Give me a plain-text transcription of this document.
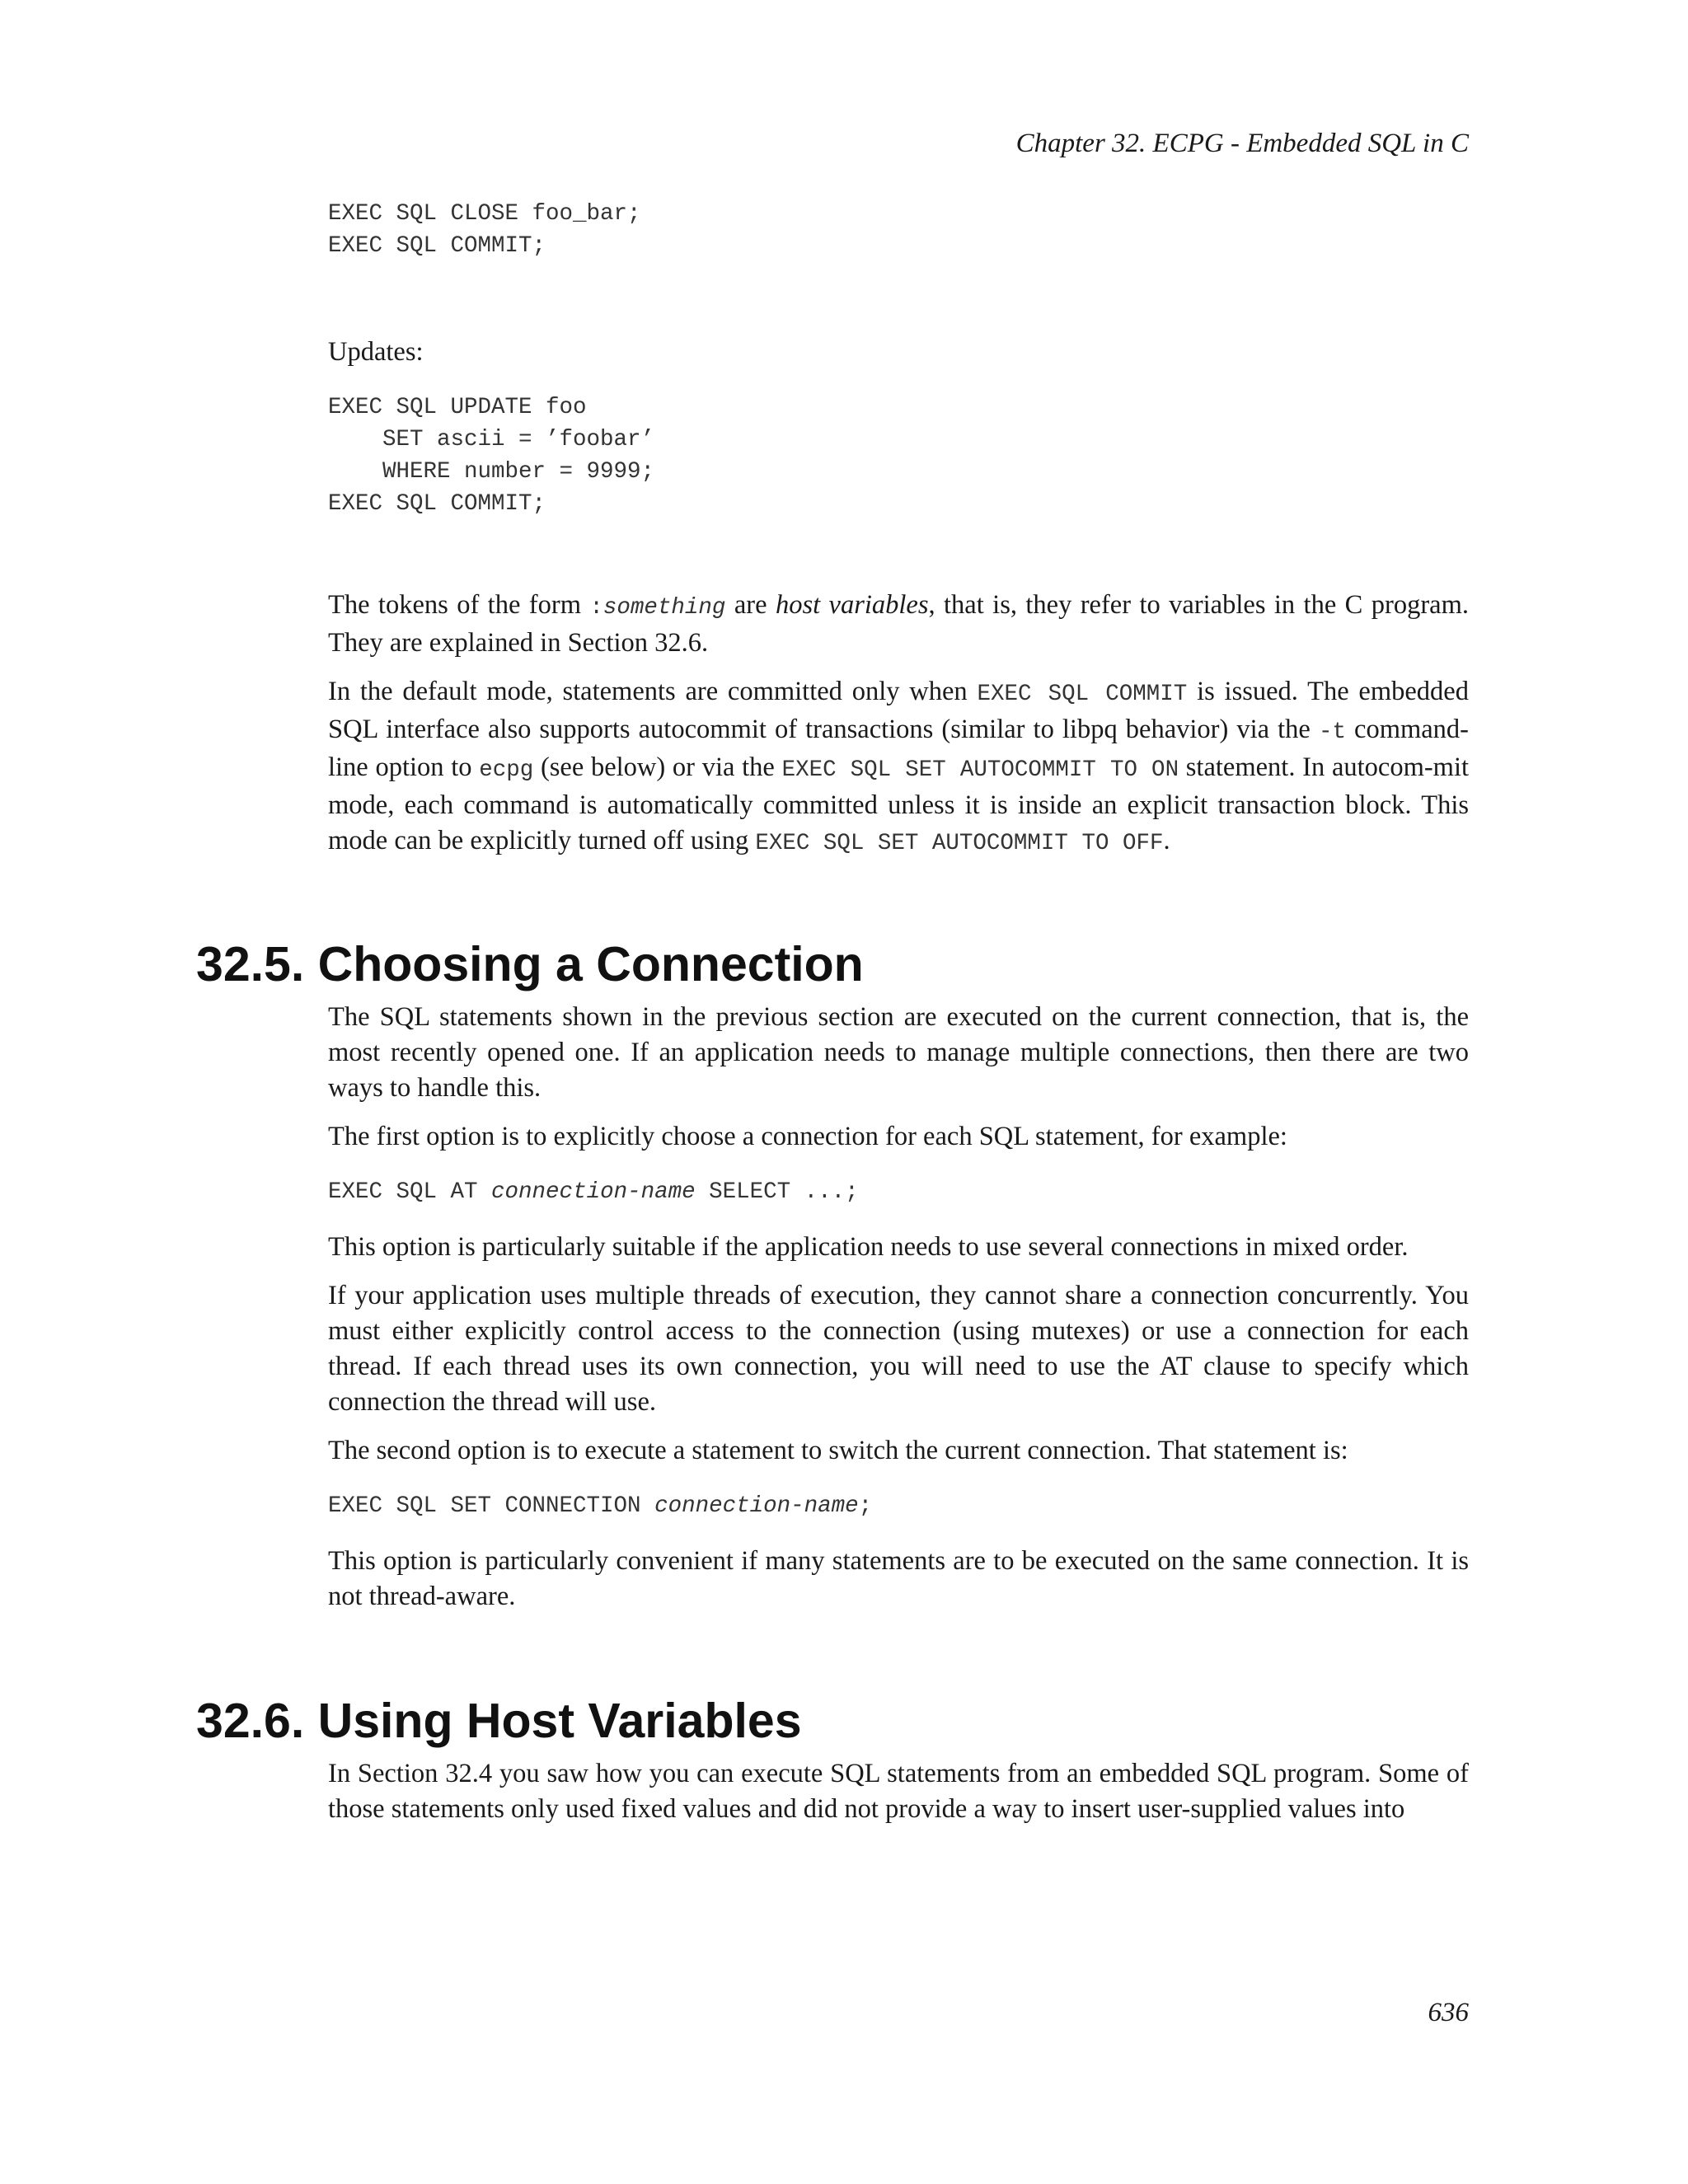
Chapter 32. ECPG - Embedded SQL in C
EXEC SQL CLOSE foo_bar;
EXEC SQL COMMIT;

Updates:

EXEC SQL UPDATE foo
SET ascii = ’foobar’
WHERE number = 9999;
EXEC SQL COMMIT;

The tokens of the form :something are host variables, that is, they refer to variables in the C program. They are explained in Section 32.6.

In the default mode, statements are committed only when EXEC SQL COMMIT is issued. The embedded SQL interface also supports autocommit of transactions (similar to libpq behavior) via the -t command-line option to ecpg (see below) or via the EXEC SQL SET AUTOCOMMIT TO ON statement. In autocom-mit mode, each command is automatically committed unless it is inside an explicit transaction block. This mode can be explicitly turned off using EXEC SQL SET AUTOCOMMIT TO OFF.

32.5. Choosing a Connection

The SQL statements shown in the previous section are executed on the current connection, that is, the most recently opened one. If an application needs to manage multiple connections, then there are two ways to handle this.

The first option is to explicitly choose a connection for each SQL statement, for example:

EXEC SQL AT connection-name SELECT ...;

This option is particularly suitable if the application needs to use several connections in mixed order.

If your application uses multiple threads of execution, they cannot share a connection concurrently. You must either explicitly control access to the connection (using mutexes) or use a connection for each thread. If each thread uses its own connection, you will need to use the AT clause to specify which connection the thread will use.

The second option is to execute a statement to switch the current connection. That statement is:

EXEC SQL SET CONNECTION connection-name;

This option is particularly convenient if many statements are to be executed on the same connection. It is not thread-aware.

32.6. Using Host Variables

In Section 32.4 you saw how you can execute SQL statements from an embedded SQL program. Some of those statements only used fixed values and did not provide a way to insert user-supplied values into

636
